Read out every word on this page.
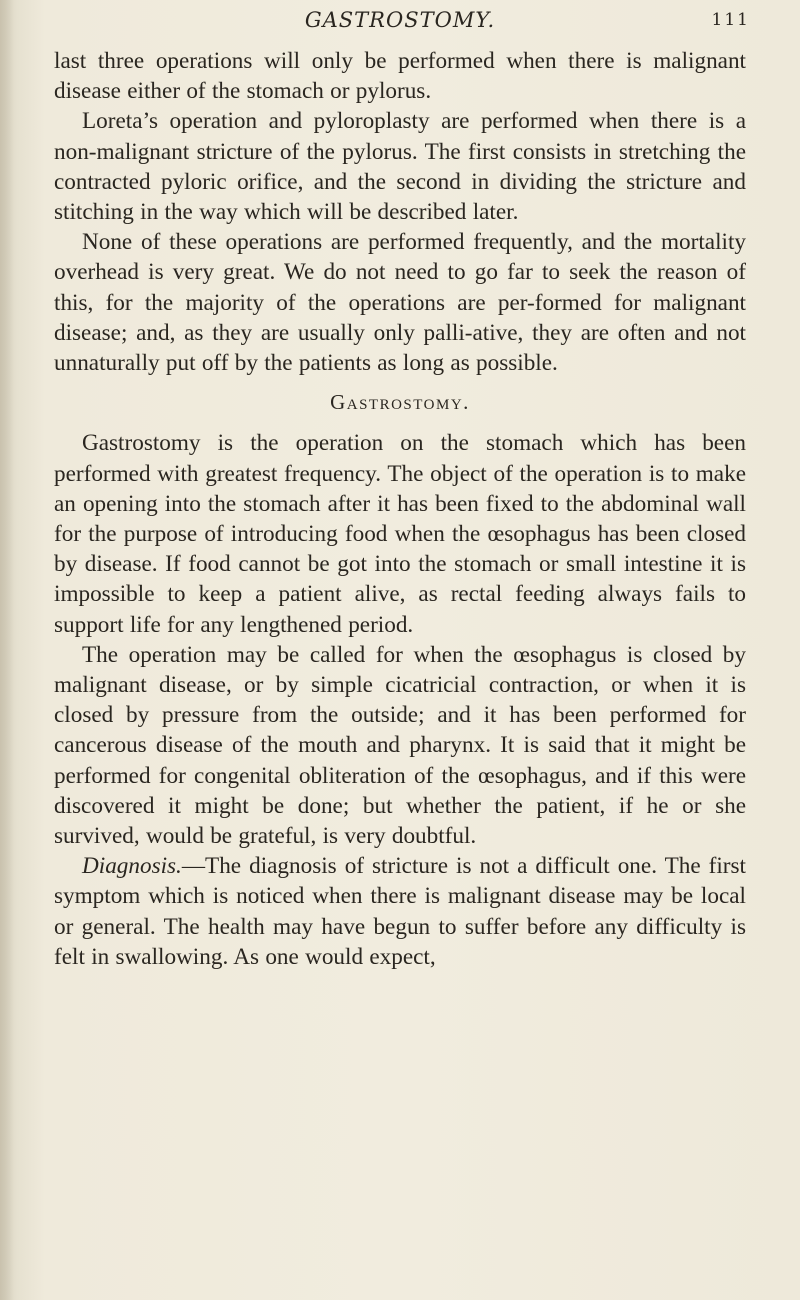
GASTROSTOMY.	111

last three operations will only be performed when there is malignant disease either of the stomach or pylorus.

Loreta’s operation and pyloroplasty are performed when there is a non-malignant stricture of the pylorus. The first consists in stretching the contracted pyloric orifice, and the second in dividing the stricture and stitching in the way which will be described later.

None of these operations are performed frequently, and the mortality overhead is very great. We do not need to go far to seek the reason of this, for the majority of the operations are per-formed for malignant disease; and, as they are usually only palli-ative, they are often and not unnaturally put off by the patients as long as possible.

Gastrostomy.

Gastrostomy is the operation on the stomach which has been performed with greatest frequency. The object of the operation is to make an opening into the stomach after it has been fixed to the abdominal wall for the purpose of introducing food when the œsophagus has been closed by disease. If food cannot be got into the stomach or small intestine it is impossible to keep a patient alive, as rectal feeding always fails to support life for any lengthened period.

The operation may be called for when the œsophagus is closed by malignant disease, or by simple cicatricial contraction, or when it is closed by pressure from the outside; and it has been performed for cancerous disease of the mouth and pharynx. It is said that it might be performed for congenital obliteration of the œsophagus, and if this were discovered it might be done; but whether the patient, if he or she survived, would be grateful, is very doubtful.

Diagnosis.—The diagnosis of stricture is not a difficult one. The first symptom which is noticed when there is malignant disease may be local or general. The health may have begun to suffer before any difficulty is felt in swallowing. As one would expect,
